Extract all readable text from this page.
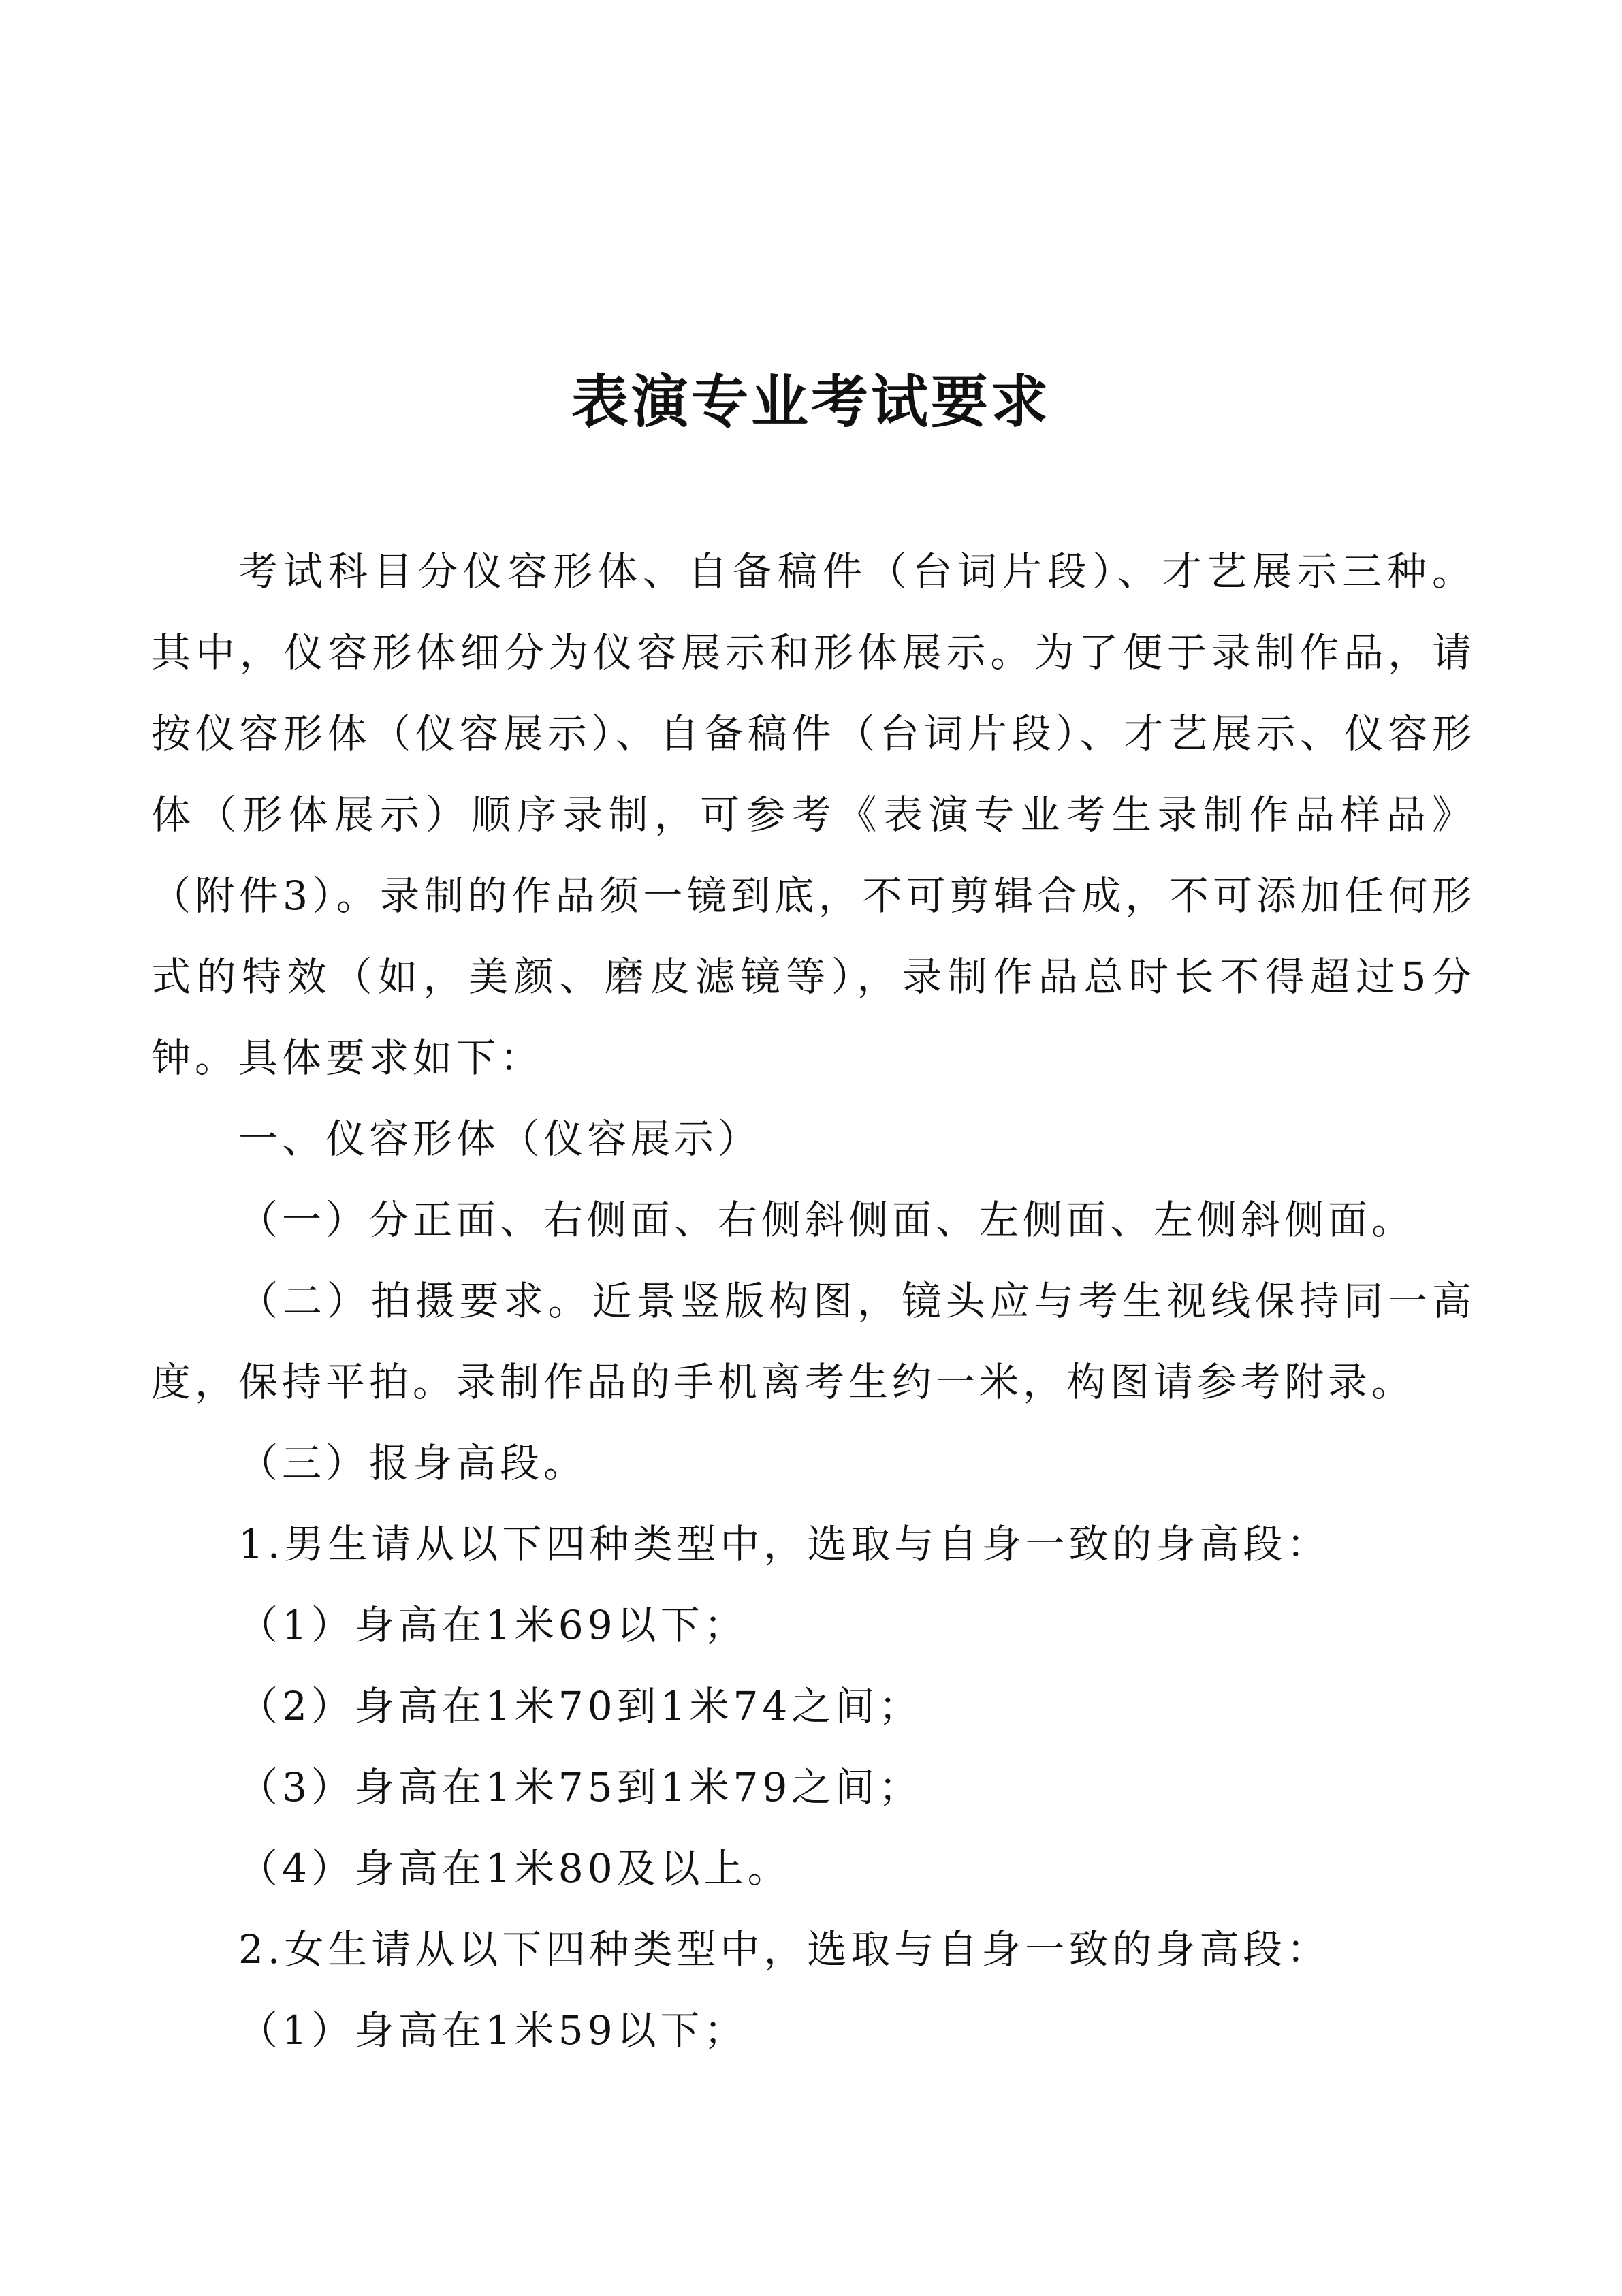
表演专业考试要求

考试科目分仪容形体、自备稿件（台词片段）、才艺展示三种。其中，仪容形体细分为仪容展示和形体展示。为了便于录制作品，请按仪容形体（仪容展示）、自备稿件（台词片段）、才艺展示、仪容形体（形体展示）顺序录制，可参考《表演专业考生录制作品样品》（附件3）。录制的作品须一镜到底，不可剪辑合成，不可添加任何形式的特效（如，美颜、磨皮滤镜等），录制作品总时长不得超过5分钟。具体要求如下：

一、仪容形体（仪容展示）

（一）分正面、右侧面、右侧斜侧面、左侧面、左侧斜侧面。

（二）拍摄要求。近景竖版构图，镜头应与考生视线保持同一高度，保持平拍。录制作品的手机离考生约一米，构图请参考附录。

（三）报身高段。

1.男生请从以下四种类型中，选取与自身一致的身高段：

（1）身高在1米69以下；

（2）身高在1米70到1米74之间；

（3）身高在1米75到1米79之间；

（4）身高在1米80及以上。

2.女生请从以下四种类型中，选取与自身一致的身高段：

（1）身高在1米59以下；
